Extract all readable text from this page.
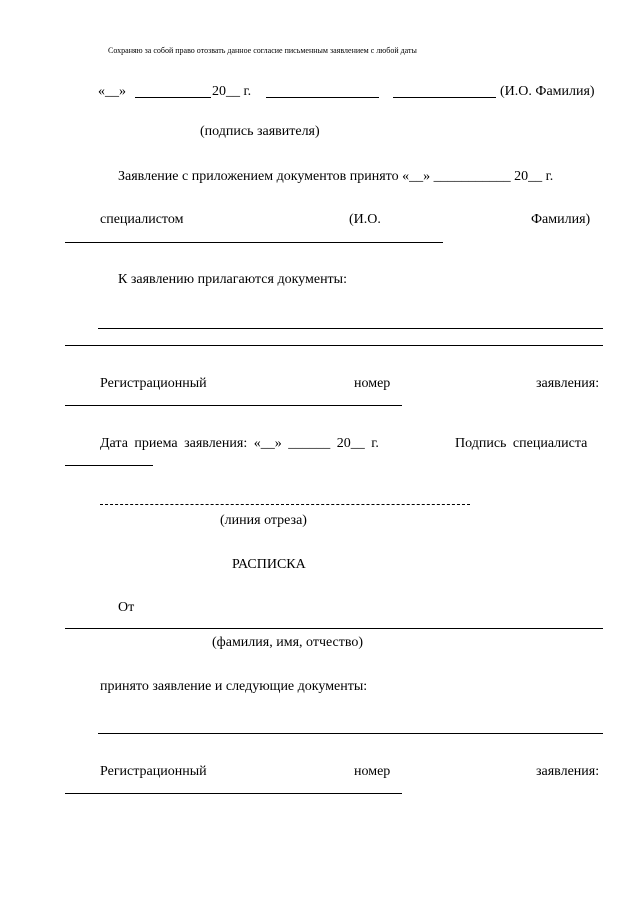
Сохраняю за собой право отозвать данное согласие письменным заявлением с любой даты
«__»	20__ г.	(И.О. Фамилия)
(подпись заявителя)
Заявление с приложением документов принято «__» ___________ 20__ г.
специалистом	(И.О.	Фамилия)
К заявлению прилагаются документы:
Регистрационный	номер	заявления:
Дата приема заявления: «__» ______ 20__ г.	Подпись специалиста
(линия отреза)
РАСПИСКА
От
(фамилия, имя, отчество)
принято заявление и следующие документы:
Регистрационный	номер	заявления:
